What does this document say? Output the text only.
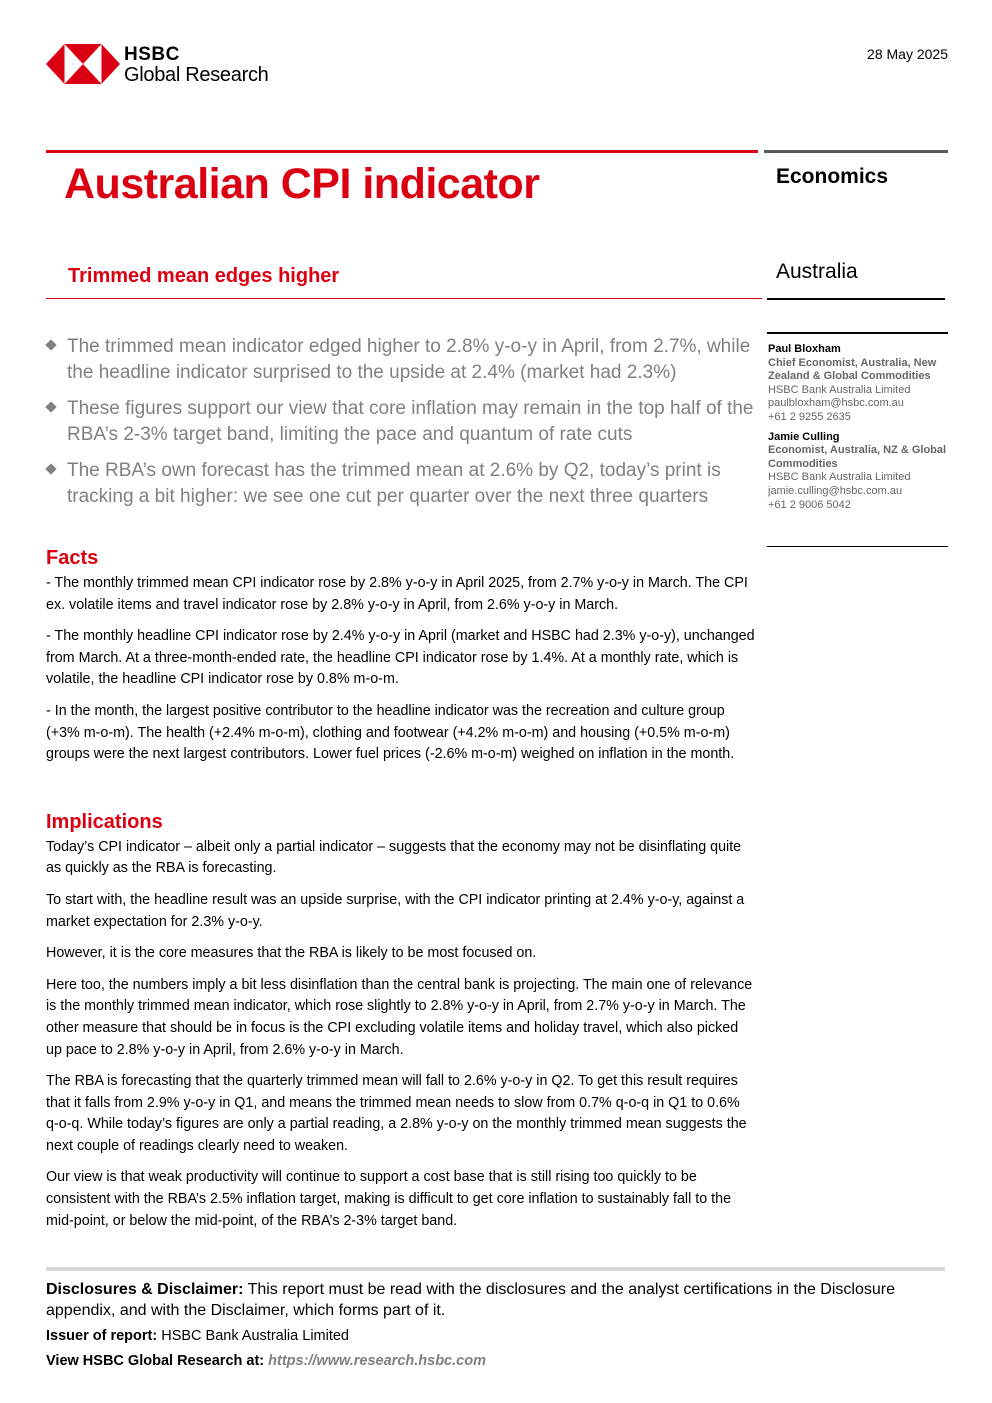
HSBC
Global Research
28 May 2025
Australian CPI indicator	Economics
Trimmed mean edges higher	Australia
The trimmed mean indicator edged higher to 2.8% y-o-y in April, from 2.7%, while the headline indicator surprised to the upside at 2.4% (market had 2.3%)
These figures support our view that core inflation may remain in the top half of the RBA’s 2-3% target band, limiting the pace and quantum of rate cuts
The RBA’s own forecast has the trimmed mean at 2.6% by Q2, today’s print is tracking a bit higher: we see one cut per quarter over the next three quarters
Paul Bloxham
Chief Economist, Australia, New Zealand & Global Commodities
HSBC Bank Australia Limited
paulbloxham@hsbc.com.au
+61 2 9255 2635
Jamie Culling
Economist, Australia, NZ & Global Commodities
HSBC Bank Australia Limited
jamie.culling@hsbc.com.au
+61 2 9006 5042
Facts

- The monthly trimmed mean CPI indicator rose by 2.8% y-o-y in April 2025, from 2.7% y-o-y in March. The CPI ex. volatile items and travel indicator rose by 2.8% y-o-y in April, from 2.6% y-o-y in March.

- The monthly headline CPI indicator rose by 2.4% y-o-y in April (market and HSBC had 2.3% y-o-y), unchanged from March. At a three-month-ended rate, the headline CPI indicator rose by 1.4%. At a monthly rate, which is volatile, the headline CPI indicator rose by 0.8% m-o-m.

- In the month, the largest positive contributor to the headline indicator was the recreation and culture group (+3% m-o-m). The health (+2.4% m-o-m), clothing and footwear (+4.2% m-o-m) and housing (+0.5% m-o-m) groups were the next largest contributors. Lower fuel prices (-2.6% m-o-m) weighed on inflation in the month.

Implications

Today’s CPI indicator – albeit only a partial indicator – suggests that the economy may not be disinflating quite as quickly as the RBA is forecasting.

To start with, the headline result was an upside surprise, with the CPI indicator printing at 2.4% y-o-y, against a market expectation for 2.3% y-o-y.

However, it is the core measures that the RBA is likely to be most focused on.

Here too, the numbers imply a bit less disinflation than the central bank is projecting. The main one of relevance is the monthly trimmed mean indicator, which rose slightly to 2.8% y-o-y in April, from 2.7% y-o-y in March. The other measure that should be in focus is the CPI excluding volatile items and holiday travel, which also picked up pace to 2.8% y-o-y in April, from 2.6% y-o-y in March.

The RBA is forecasting that the quarterly trimmed mean will fall to 2.6% y-o-y in Q2. To get this result requires that it falls from 2.9% y-o-y in Q1, and means the trimmed mean needs to slow from 0.7% q-o-q in Q1 to 0.6% q-o-q. While today’s figures are only a partial reading, a 2.8% y-o-y on the monthly trimmed mean suggests the next couple of readings clearly need to weaken.

Our view is that weak productivity will continue to support a cost base that is still rising too quickly to be consistent with the RBA’s 2.5% inflation target, making is difficult to get core inflation to sustainably fall to the mid-point, or below the mid-point, of the RBA’s 2-3% target band.

Disclosures & Disclaimer: This report must be read with the disclosures and the analyst certifications in the Disclosure appendix, and with the Disclaimer, which forms part of it.
Issuer of report: HSBC Bank Australia Limited
View HSBC Global Research at: https://www.research.hsbc.com
